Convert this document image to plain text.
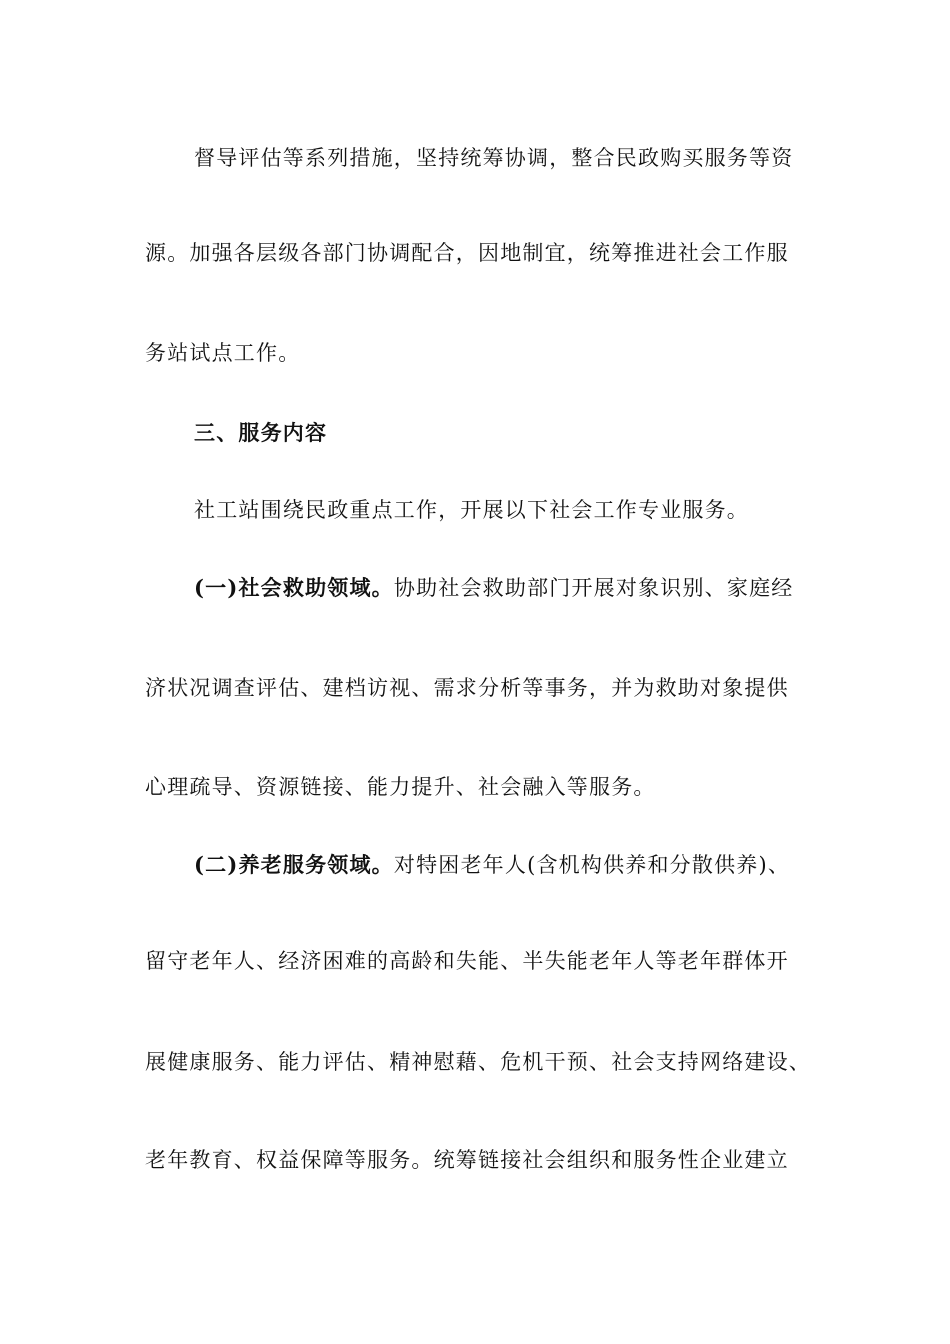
督导评估等系列措施，坚持统筹协调，整合民政购买服务等资
源。加强各层级各部门协调配合，因地制宜，统筹推进社会工作服
务站试点工作。
三、服务内容
社工站围绕民政重点工作，开展以下社会工作专业服务。
(一)社会救助领域。协助社会救助部门开展对象识别、家庭经
济状况调查评估、建档访视、需求分析等事务，并为救助对象提供
心理疏导、资源链接、能力提升、社会融入等服务。
(二)养老服务领域。对特困老年人(含机构供养和分散供养)、
留守老年人、经济困难的高龄和失能、半失能老年人等老年群体开
展健康服务、能力评估、精神慰藉、危机干预、社会支持网络建设、
老年教育、权益保障等服务。统筹链接社会组织和服务性企业建立
